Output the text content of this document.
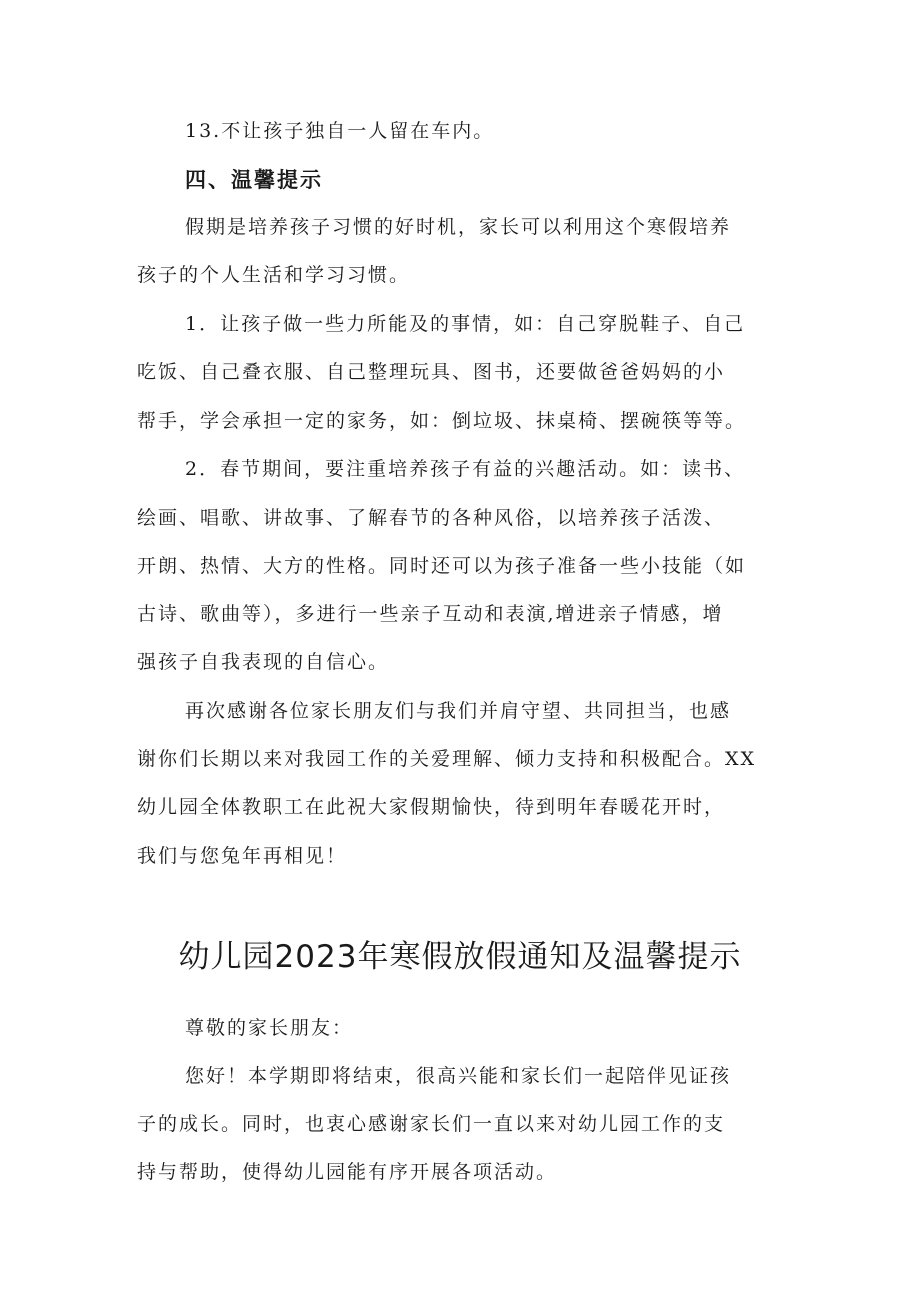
13.不让孩子独自一人留在车内。

四、温馨提示

假期是培养孩子习惯的好时机，家长可以利用这个寒假培养

孩子的个人生活和学习习惯。

1．让孩子做一些力所能及的事情，如：自己穿脱鞋子、自己

吃饭、自己叠衣服、自己整理玩具、图书，还要做爸爸妈妈的小

帮手，学会承担一定的家务，如：倒垃圾、抹桌椅、摆碗筷等等。

2．春节期间，要注重培养孩子有益的兴趣活动。如：读书、

绘画、唱歌、讲故事、了解春节的各种风俗，以培养孩子活泼、

开朗、热情、大方的性格。同时还可以为孩子准备一些小技能（如

古诗、歌曲等），多进行一些亲子互动和表演,增进亲子情感，增

强孩子自我表现的自信心。

再次感谢各位家长朋友们与我们并肩守望、共同担当，也感

谢你们长期以来对我园工作的关爱理解、倾力支持和积极配合。XX

幼儿园全体教职工在此祝大家假期愉快，待到明年春暖花开时，

我们与您兔年再相见！

幼儿园2023年寒假放假通知及温馨提示

尊敬的家长朋友：

您好！本学期即将结束，很高兴能和家长们一起陪伴见证孩

子的成长。同时，也衷心感谢家长们一直以来对幼儿园工作的支

持与帮助，使得幼儿园能有序开展各项活动。
